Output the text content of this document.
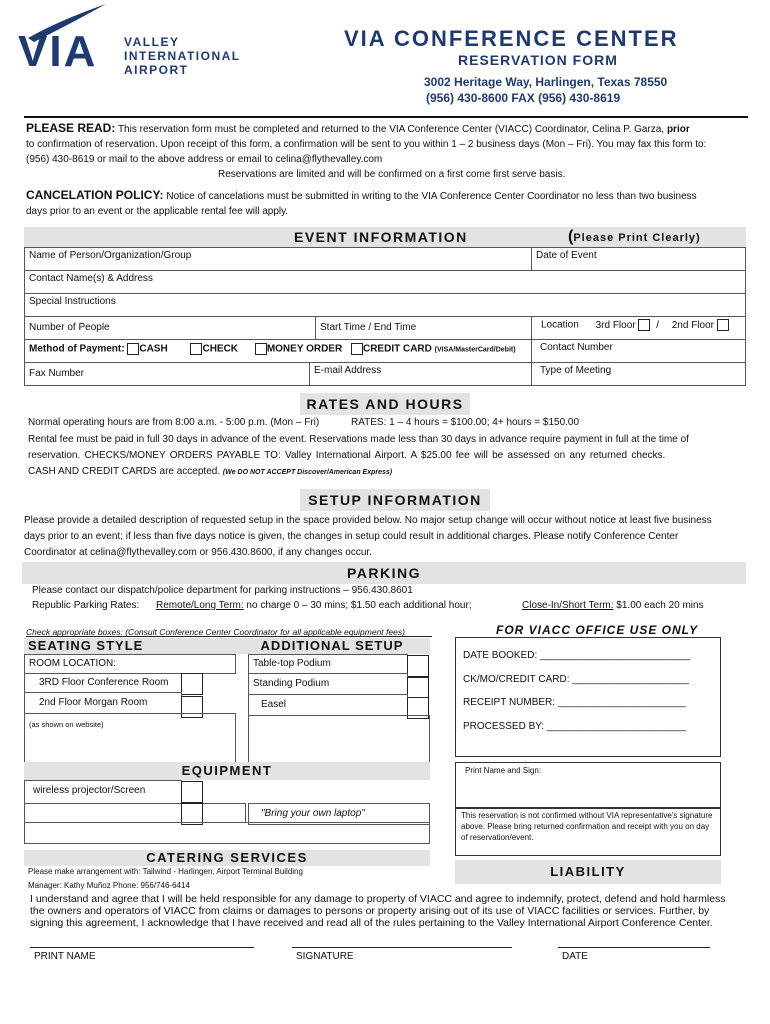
VIA VALLEY
INTERNATIONAL
AIRPORT
VIA CONFERENCE CENTER
RESERVATION FORM
3002 Heritage Way, Harlingen, Texas 78550
(956) 430-8600 FAX (956) 430-8619
PLEASE READ: This reservation form must be completed and returned to the VIA Conference Center (VIACC) Coordinator, Celina P. Garza, prior
to confirmation of reservation. Upon receipt of this form, a confirmation will be sent to you within 1 – 2 business days (Mon – Fri). You may fax this form to:
(956) 430-8619 or mail to the above address or email to celina@flythevalley.com
Reservations are limited and will be confirmed on a first come first serve basis.
CANCELATION POLICY: Notice of cancelations must be submitted in writing to the VIA Conference Center Coordinator no less than two business
days prior to an event or the applicable rental fee will apply.
EVENT INFORMATION	(Please Print Clearly)
Name of Person/Organization/Group	Date of Event
Contact Name(s) & Address
Special Instructions
Number of People	Start Time / End Time	Location 3rd Floor / 2nd Floor
Method of Payment: CASH	CHECK	MONEY ORDER CREDIT CARD (VISA/MasterCard/Debit)	Contact Number
Fax Number	E-mail Address	Type of Meeting
RATES AND HOURS
Normal operating hours are from 8:00 a.m. - 5:00 p.m. (Mon – Fri)	RATES: 1 – 4 hours = $100.00; 4+ hours = $150.00
Rental fee must be paid in full 30 days in advance of the event. Reservations made less than 30 days in advance require payment in full at the time of
reservation. CHECKS/MONEY ORDERS PAYABLE TO: Valley International Airport. A $25.00 fee will be assessed on any returned checks.
CASH AND CREDIT CARDS are accepted. (We DO NOT ACCEPT Discover/American Express)
SETUP INFORMATION
Please provide a detailed description of requested setup in the space provided below. No major setup change will occur without notice at least five business
days prior to an event; if less than five days notice is given, the changes in setup could result in additional charges. Please notify Conference Center
Coordinator at celina@flythevalley.com or 956.430.8600, if any changes occur.
PARKING
Please contact our dispatch/police department for parking instructions – 956.430.8601
Republic Parking Rates: Remote/Long Term: no charge 0 – 30 mins; $1.50 each additional hour;	Close-In/Short Term: $1.00 each 20 mins
Check appropriate boxes: (Consult Conference Center Coordinator for all applicable equipment fees)
SEATING STYLE	ADDITIONAL SETUP
ROOM LOCATION:	Table-top Podium
3RD Floor Conference Room	Standing Podium
2nd Floor Morgan Room	Easel
(as shown on website)
EQUIPMENT
wireless projector/Screen
"Bring your own laptop"
FOR VIACC OFFICE USE ONLY
DATE BOOKED: ___________________________
CK/MO/CREDIT CARD: _____________________
RECEIPT NUMBER: _______________________
PROCESSED BY: _________________________
Print Name and Sign:
This reservation is not confirmed without VIA representative's signature above. Please bring returned confirmation and receipt with you on day of reservation/event.
CATERING SERVICES
Please make arrangement with: Tailwind - Harlingen, Airport Terminal Building
Manager: Kathy Muñoz Phone: 956/746-6414
LIABILITY
I understand and agree that I will be held responsible for any damage to property of VIACC and agree to indemnify, protect, defend and hold harmless the owners and operators of VIACC from claims or damages to persons or property arising out of its use of VIACC facilities or services. Further, by signing this agreement, I acknowledge that I have received and read all of the rules pertaining to the Valley International Airport Conference Center.
PRINT NAME	SIGNATURE	DATE
